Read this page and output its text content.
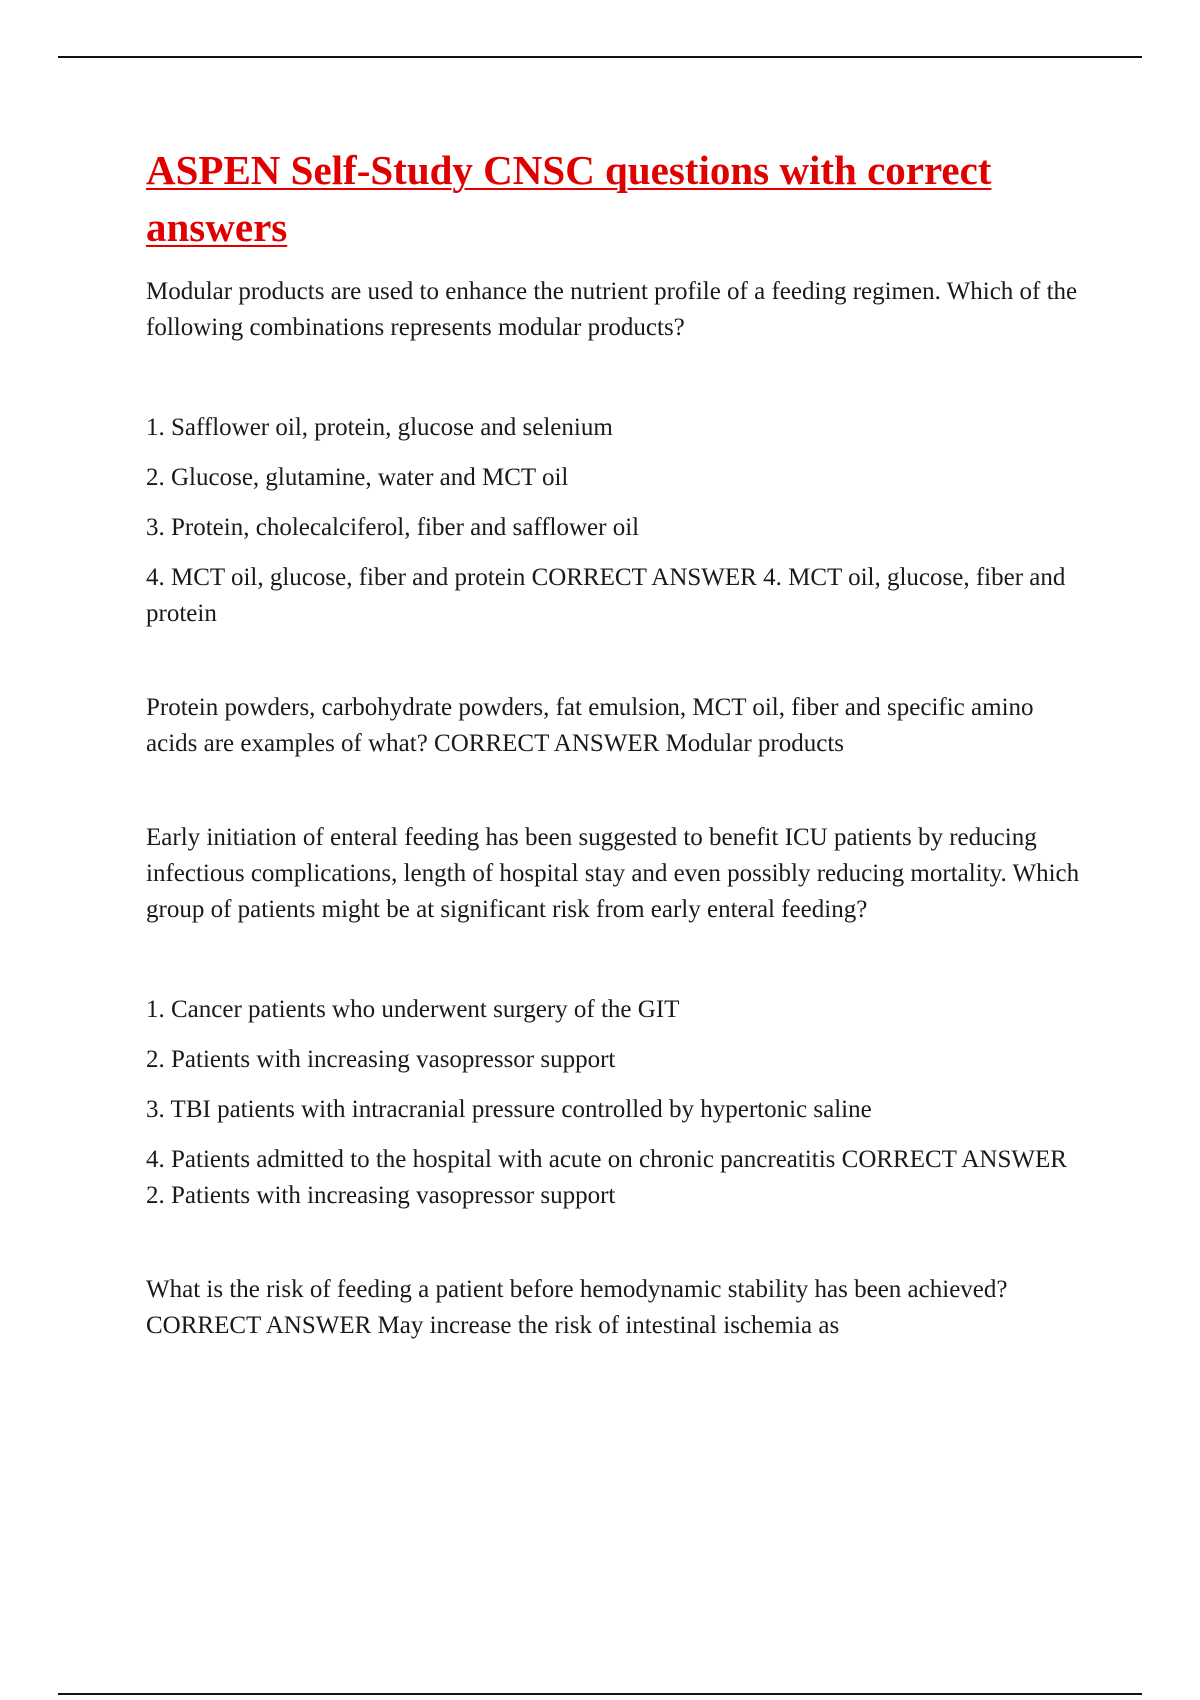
ASPEN Self-Study CNSC questions with correct answers

Modular products are used to enhance the nutrient profile of a feeding regimen. Which of the following combinations represents modular products?

1. Safflower oil, protein, glucose and selenium

2. Glucose, glutamine, water and MCT oil

3. Protein, cholecalciferol, fiber and safflower oil

4. MCT oil, glucose, fiber and protein CORRECT ANSWER 4. MCT oil, glucose, fiber and protein

Protein powders, carbohydrate powders, fat emulsion, MCT oil, fiber and specific amino acids are examples of what? CORRECT ANSWER Modular products

Early initiation of enteral feeding has been suggested to benefit ICU patients by reducing infectious complications, length of hospital stay and even possibly reducing mortality. Which group of patients might be at significant risk from early enteral feeding?

1. Cancer patients who underwent surgery of the GIT

2. Patients with increasing vasopressor support

3. TBI patients with intracranial pressure controlled by hypertonic saline

4. Patients admitted to the hospital with acute on chronic pancreatitis CORRECT ANSWER 2. Patients with increasing vasopressor support

What is the risk of feeding a patient before hemodynamic stability has been achieved? CORRECT ANSWER May increase the risk of intestinal ischemia as
